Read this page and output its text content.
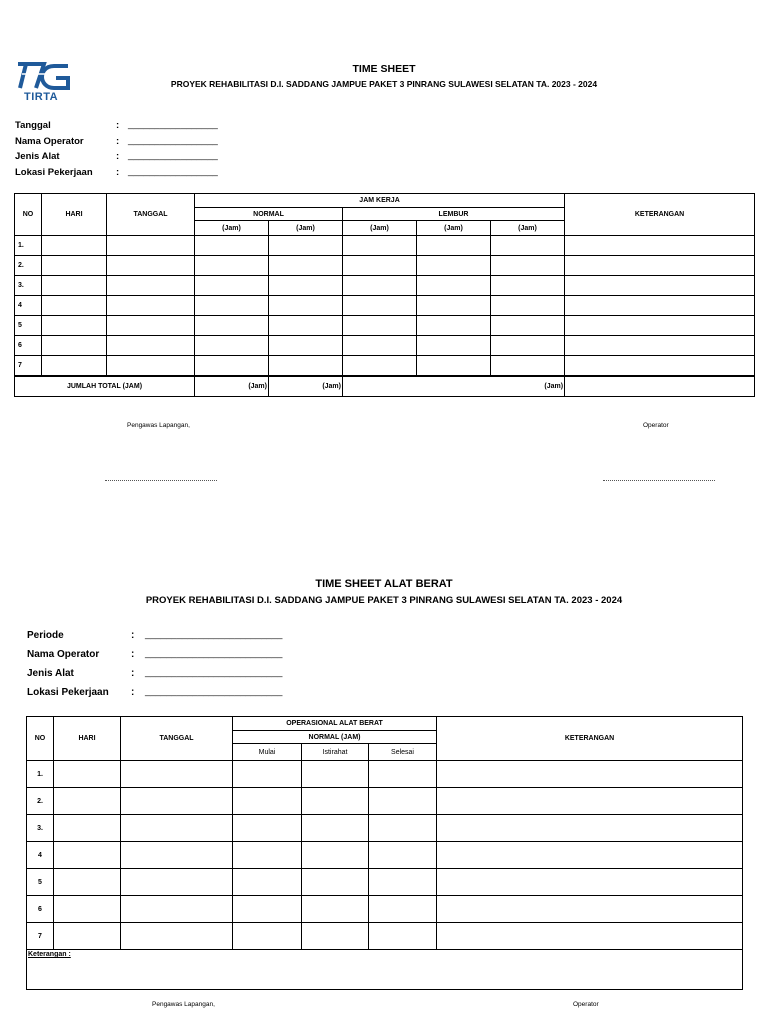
TIRTA
TIME SHEET
PROYEK REHABILITASI D.I. SADDANG JAMPUE PAKET 3 PINRANG SULAWESI SELATAN TA. 2023 - 2024
Tanggal	: _________________
Nama Operator	: _________________
Jenis Alat	: _________________
Lokasi Pekerjaan : _________________
NO	HARI	TANGGAL	JAM KERJA					KETERANGAN
			NORMAL		LEMBUR			
			(Jam)	(Jam)	(Jam)	(Jam)	(Jam)	
1.								
2.								
3.								
4								
5								
6								
7								
JUMLAH TOTAL (JAM)			(Jam)	(Jam)	(Jam)			
Pengawas Lapangan,	Operator
TIME SHEET ALAT BERAT
PROYEK REHABILITASI D.I. SADDANG JAMPUE PAKET 3 PINRANG SULAWESI SELATAN TA. 2023 - 2024
Periode	: __________________________
Nama Operator	: __________________________
Jenis Alat	: __________________________
Lokasi Pekerjaan : __________________________
NO	HARI	TANGGAL	OPERASIONAL ALAT BERAT			KETERANGAN
			NORMAL (JAM)			
			Mulai	Istirahat	Selesai	
1.						
2.						
3.						
4						
5						
6						
7						
Keterangan :						
Pengawas Lapangan,	Operator
